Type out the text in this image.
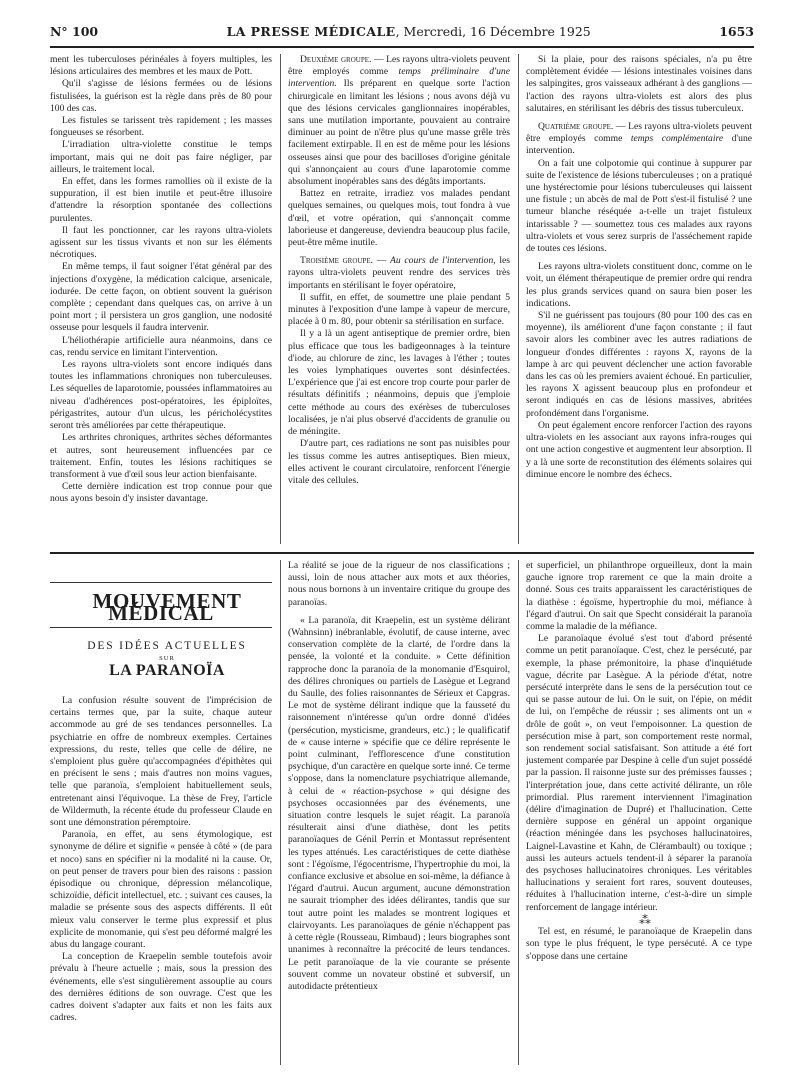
N° 100	LA PRESSE MÉDICALE, Mercredi, 16 Décembre 1925	1653

ment les tuberculoses périnéales à foyers multiples, les lésions articulaires des membres et les maux de Pott.

Qu'il s'agisse de lésions fermées ou de lésions fistulisées, la guérison est la règle dans près de 80 pour 100 des cas.

Les fistules se tarissent très rapidement ; les masses fongueuses se résorbent.

L'irradiation ultra-violette constitue le temps important, mais qui ne doit pas faire négliger, par ailleurs, le traitement local.

En effet, dans les formes ramollies où il existe de la suppuration, il est bien inutile et peut-être illusoire d'attendre la résorption spontanée des collections purulentes.

Il faut les ponctionner, car les rayons ultra-violets agissent sur les tissus vivants et non sur les éléments nécrotiques.

En même temps, il faut soigner l'état général par des injections d'oxygène, la médication calcique, arsenicale, iodurée. De cette façon, on obtient souvent la guérison complète ; cependant dans quelques cas, on arrive à un point mort ; il persistera un gros ganglion, une nodosité osseuse pour lesquels il faudra intervenir.

L'héliothérapie artificielle aura néanmoins, dans ce cas, rendu service en limitant l'intervention.

Les rayons ultra-violets sont encore indiqués dans toutes les inflammations chroniques non tuberculeuses. Les séquelles de laparotomie, poussées inflammatoires au niveau d'adhérences post-opératoires, les épiploïtes, périgastrites, autour d'un ulcus, les péricholécystites seront très améliorées par cette thérapeutique.

Les arthrites chroniques, arthrites sèches déformantes et autres, sont heureusement influencées par ce traitement. Enfin, toutes les lésions rachitiques se transforment à vue d'œil sous leur action bienfaisante.

Cette dernière indication est trop connue pour que nous ayons besoin d'y insister davantage.

Deuxième groupe. — Les rayons ultra-violets peuvent être employés comme temps préliminaire d'une intervention. Ils préparent en quelque sorte l'action chirurgicale en limitant les lésions ; nous avons déjà vu que des lésions cervicales ganglionnaires inopérables, sans une mutilation importante, pouvaient au contraire diminuer au point de n'être plus qu'une masse grêle très facilement extirpable. Il en est de même pour les lésions osseuses ainsi que pour des bacilloses d'origine génitale qui s'annonçaient au cours d'une laparotomie comme absolument inopérables sans des dégâts importants.

Battez en retraite, irradiez vos malades pendant quelques semaines, ou quelques mois, tout fondra à vue d'œil, et votre opération, qui s'annonçait comme laborieuse et dangereuse, deviendra beaucoup plus facile, peut-être même inutile.

Troisième groupe. — Au cours de l'intervention, les rayons ultra-violets peuvent rendre des services très importants en stérilisant le foyer opératoire,

Il suffit, en effet, de soumettre une plaie pendant 5 minutes à l'exposition d'une lampe à vapeur de mercure, placée à 0 m. 80, pour obtenir sa stérilisation en surface.

Il y a là un agent antiseptique de premier ordre, bien plus efficace que tous les badigeonnages à la teinture d'iode, au chlorure de zinc, les lavages à l'éther ; toutes les voies lymphatiques ouvertes sont désinfectées. L'expérience que j'ai est encore trop courte pour parler de résultats définitifs ; néanmoins, depuis que j'emploie cette méthode au cours des exérèses de tuberculoses localisées, je n'ai plus observé d'accidents de granulie ou de méningite.

D'autre part, ces radiations ne sont pas nuisibles pour les tissus comme les autres antiseptiques. Bien mieux, elles activent le courant circulatoire, renforcent l'énergie vitale des cellules.

Si la plaie, pour des raisons spéciales, n'a pu être complètement évidée — lésions intestinales voisines dans les salpingites, gros vaisseaux adhérant à des ganglions — l'action des rayons ultra-violets est alors des plus salutaires, en stérilisant les débris des tissus tuberculeux.

Quatrième groupe. — Les rayons ultra-violets peuvent être employés comme temps complémentaire d'une intervention.

On a fait une colpotomie qui continue à suppurer par suite de l'existence de lésions tuberculeuses ; on a pratiqué une hystérectomie pour lésions tuberculeuses qui laissent une fistule ; un abcès de mal de Pott s'est-il fistulisé ? une tumeur blanche réséquée a-t-elle un trajet fistuleux intarissable ? — soumettez tous ces malades aux rayons ultra-violets et vous serez surpris de l'asséchement rapide de toutes ces lésions.

Les rayons ultra-violets constituent donc, comme on le voit, un élément thérapeutique de premier ordre qui rendra les plus grands services quand on saura bien poser les indications.

S'il ne guérissent pas toujours (80 pour 100 des cas en moyenne), ils améliorent d'une façon constante ; il faut savoir alors les combiner avec les autres radiations de longueur d'ondes différentes : rayons X, rayons de la lampe à arc qui peuvent déclencher une action favorable dans les cas où les premiers avaient échoué. En particulier, les rayons X agissent beaucoup plus en profondeur et seront indiqués en cas de lésions massives, abritées profondément dans l'organisme.

On peut également encore renforcer l'action des rayons ultra-violets en les associant aux rayons infra-rouges qui ont une action congestive et augmentent leur absorption. Il y a là une sorte de reconstitution des éléments solaires qui diminue encore le nombre des échecs.

MOUVEMENT MÉDICAL

DES IDÉES ACTUELLES

SUR

LA PARANOÏA

La confusion résulte souvent de l'imprécision de certains termes que, par la suite, chaque auteur accommode au gré de ses tendances personnelles. La psychiatrie en offre de nombreux exemples. Certaines expressions, du reste, telles que celle de délire, ne s'emploient plus guère qu'accompagnées d'épithètes qui en précisent le sens ; mais d'autres non moins vagues, telle que paranoïa, s'emploient habituellement seuls, entretenant ainsi l'équivoque. La thèse de Frey, l'article de Wildermuth, la récente étude du professeur Claude en sont une démonstration péremptoire.

Paranoïa, en effet, au sens étymologique, est synonyme de délire et signifie « pensée à côté » (de para et noco) sans en spécifier ni la modalité ni la cause. Or, on peut penser de travers pour bien des raisons : passion épisodique ou chronique, dépression mélancolique, schizoïdie, déficit intellectuel, etc. ; suivant ces causes, la maladie se présente sous des aspects différents. Il eût mieux valu conserver le terme plus expressif et plus explicite de monomanie, qui s'est peu déformé malgré les abus du langage courant.

La conception de Kraepelin semble toutefois avoir prévalu à l'heure actuelle ; mais, sous la pression des événements, elle s'est singulièrement assouplie au cours des dernières éditions de son ouvrage. C'est que les cadres doivent s'adapter aux faits et non les faits aux cadres.

La réalité se joue de la rigueur de nos classifications ; aussi, loin de nous attacher aux mots et aux théories, nous nous bornons à un inventaire critique du groupe des paranoïas.

« La paranoïa, dit Kraepelin, est un système délirant (Wahnsinn) inébranlable, évolutif, de cause interne, avec conservation complète de la clarté, de l'ordre dans la pensée, la volonté et la conduite. » Cette définition rapproche donc la paranoïa de la monomanie d'Esquirol, des délires chroniques ou partiels de Lasègue et Legrand du Saulle, des folies raisonnantes de Sérieux et Capgras. Le mot de système délirant indique que la fausseté du raisonnement n'intéresse qu'un ordre donné d'idées (persécution, mysticisme, grandeurs, etc.) ; le qualificatif de « cause interne » spécifie que ce délire représente le point culminant, l'efflorescence d'une constitution psychique, d'un caractère en quelque sorte inné. Ce terme s'oppose, dans la nomenclature psychiatrique allemande, à celui de « réaction-psychose » qui désigne des psychoses occasionnées par des événements, une situation contre lesquels le sujet réagit. La paranoïa résulterait ainsi d'une diathèse, dont les petits paranoïaques de Génil Perrin et Montassut représentent les types atténués. Les caractéristiques de cette diathèse sont : l'égoïsme, l'égocentrisme, l'hypertrophie du moi, la confiance exclusive et absolue en soi-même, la défiance à l'égard d'autrui. Aucun argument, aucune démonstration ne saurait triompher des idées délirantes, tandis que sur tout autre point les malades se montrent logiques et clairvoyants. Les paranoïaques de génie n'échappent pas à cette règle (Rousseau, Rimbaud) ; leurs biographes sont unanimes à reconnaître la précocité de leurs tendances. Le petit paranoïaque de la vie courante se présente souvent comme un novateur obstiné et subversif, un autodidacte prétentieux

et superficiel, un philanthrope orgueilleux, dont la main gauche ignore trop rarement ce que la main droite a donné. Sous ces traits apparaissent les caractéristiques de la diathèse : égoïsme, hypertrophie du moi, méfiance à l'égard d'autrui. On sait que Specht considérait la paranoïa comme la maladie de la méfiance.

Le paranoïaque évolué s'est tout d'abord présenté comme un petit paranoïaque. C'est, chez le persécuté, par exemple, la phase prémonitoire, la phase d'inquiétude vague, décrite par Lasègue. A la période d'état, notre persécuté interprète dans le sens de la persécution tout ce qui se passe autour de lui. On le suit, on l'épie, on médit de lui, on l'empêche de réussir ; ses aliments ont un « drôle de goût », on veut l'empoisonner. La question de persécution mise à part, son comportement reste normal, son rendement social satisfaisant. Son attitude a été fort justement comparée par Despine à celle d'un sujet possédé par la passion. Il raisonne juste sur des prémisses fausses ; l'interprétation joue, dans cette activité délirante, un rôle primordial. Plus rarement interviennent l'imagination (délire d'imagination de Dupré) et l'hallucination. Cette dernière suppose en général un appoint organique (réaction méningée dans les psychoses hallucinatoires, Laignel-Lavastine et Kahn, de Clérambault) ou toxique ; aussi les auteurs actuels tendent-il à séparer la paranoïa des psychoses hallucinatoires chroniques. Les véritables hallucinations y seraient fort rares, souvent douteuses, réduites à l'hallucination interne, c'est-à-dire un simple renforcement de langage intérieur.

⁂

Tel est, en résumé, le paranoïaque de Kraepelin dans son type le plus fréquent, le type persécuté. A ce type s'oppose dans une certaine
